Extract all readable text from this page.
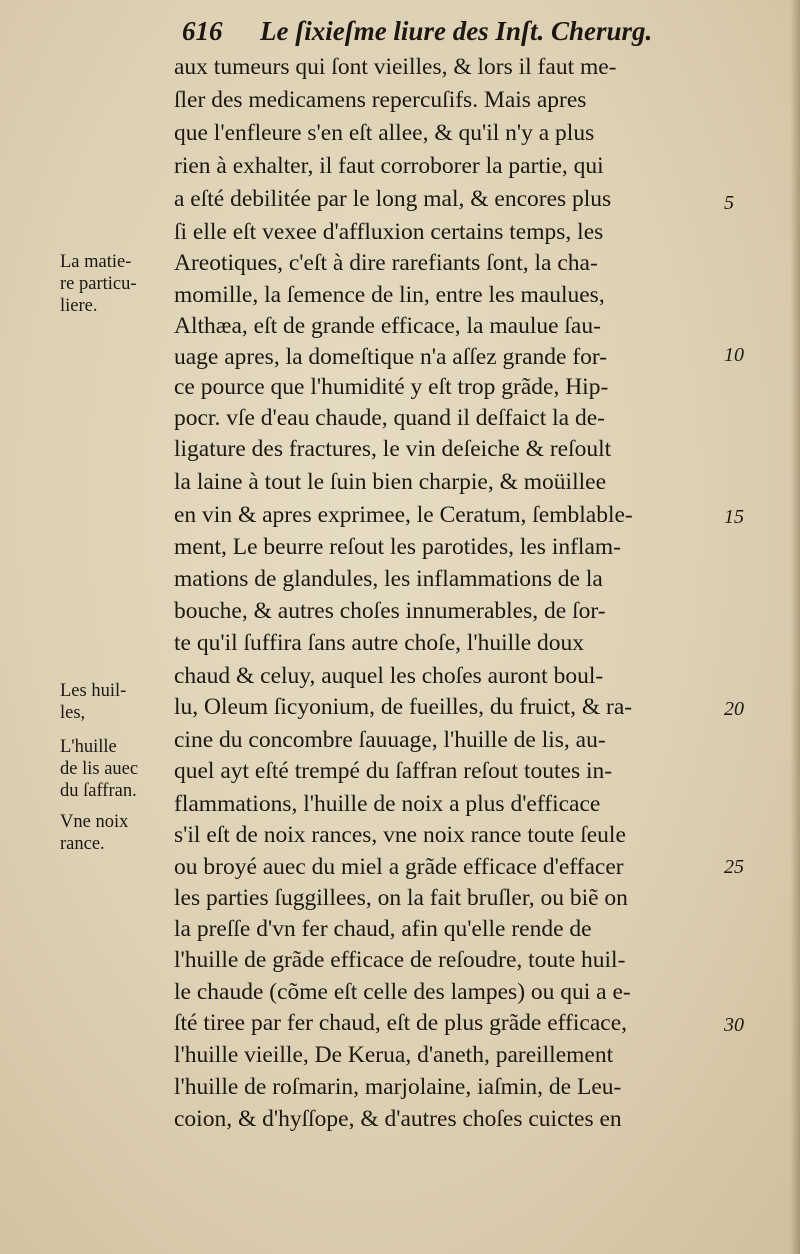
616 Le ſixieſme liure des Inſt. Cherurg.
aux tumeurs qui ſont vieilles, & lors il faut me-
ſler des medicamens repercuſifs. Mais apres
que l'enfleure s'en eſt allee, & qu'il n'y a plus
rien à exhalter, il faut corroborer la partie, qui
a eſté debilitée par le long mal, & encores plus
ſi elle eſt vexee d'affluxion certains temps, les
Areotiques, c'eſt à dire rarefiants ſont, la cha-
momille, la ſemence de lin, entre les maulues,
Althæa, eſt de grande efficace, la maulue ſau-
uage apres, la domeſtique n'a aſſez grande for-
ce pource que l'humidité y eſt trop grãde, Hip-
pocr. vſe d'eau chaude, quand il deſfaict la de-
ligature des fractures, le vin deſeiche & reſoult
la laine à tout le ſuin bien charpie, & moüillee
en vin & apres exprimee, le Ceratum, ſemblable-
ment, Le beurre reſout les parotides, les inflam-
mations de glandules, les inflammations de la
bouche, & autres choſes innumerables, de ſor-
te qu'il ſuffira ſans autre choſe, l'huille doux
chaud & celuy, auquel les choſes auront boul-
lu, Oleum ſicyonium, de fueilles, du fruict, & ra-
cine du concombre ſauuage, l'huille de lis, au-
quel ayt eſté trempé du ſaffran reſout toutes in-
flammations, l'huille de noix a plus d'efficace
s'il eſt de noix rances, vne noix rance toute ſeule
ou broyé auec du miel a grãde efficace d'effacer
les parties ſuggillees, on la fait bruſler, ou biẽ on
la preſſe d'vn fer chaud, afin qu'elle rende de
l'huille de grãde efficace de reſoudre, toute huil-
le chaude (cõme eſt celle des lampes) ou qui a e-
ſté tiree par fer chaud, eſt de plus grãde efficace,
l'huille vieille, De Kerua, d'aneth, pareillement
l'huille de roſmarin, marjolaine, iaſmin, de Leu-
coion, & d'hyſſope, & d'autres choſes cuictes en
5
10
15
20
25
30
La matie-
re particu-
liere.
Les huil-
les,
L'huille
de lis auec
du ſaffran.
Vne noix
rance.
